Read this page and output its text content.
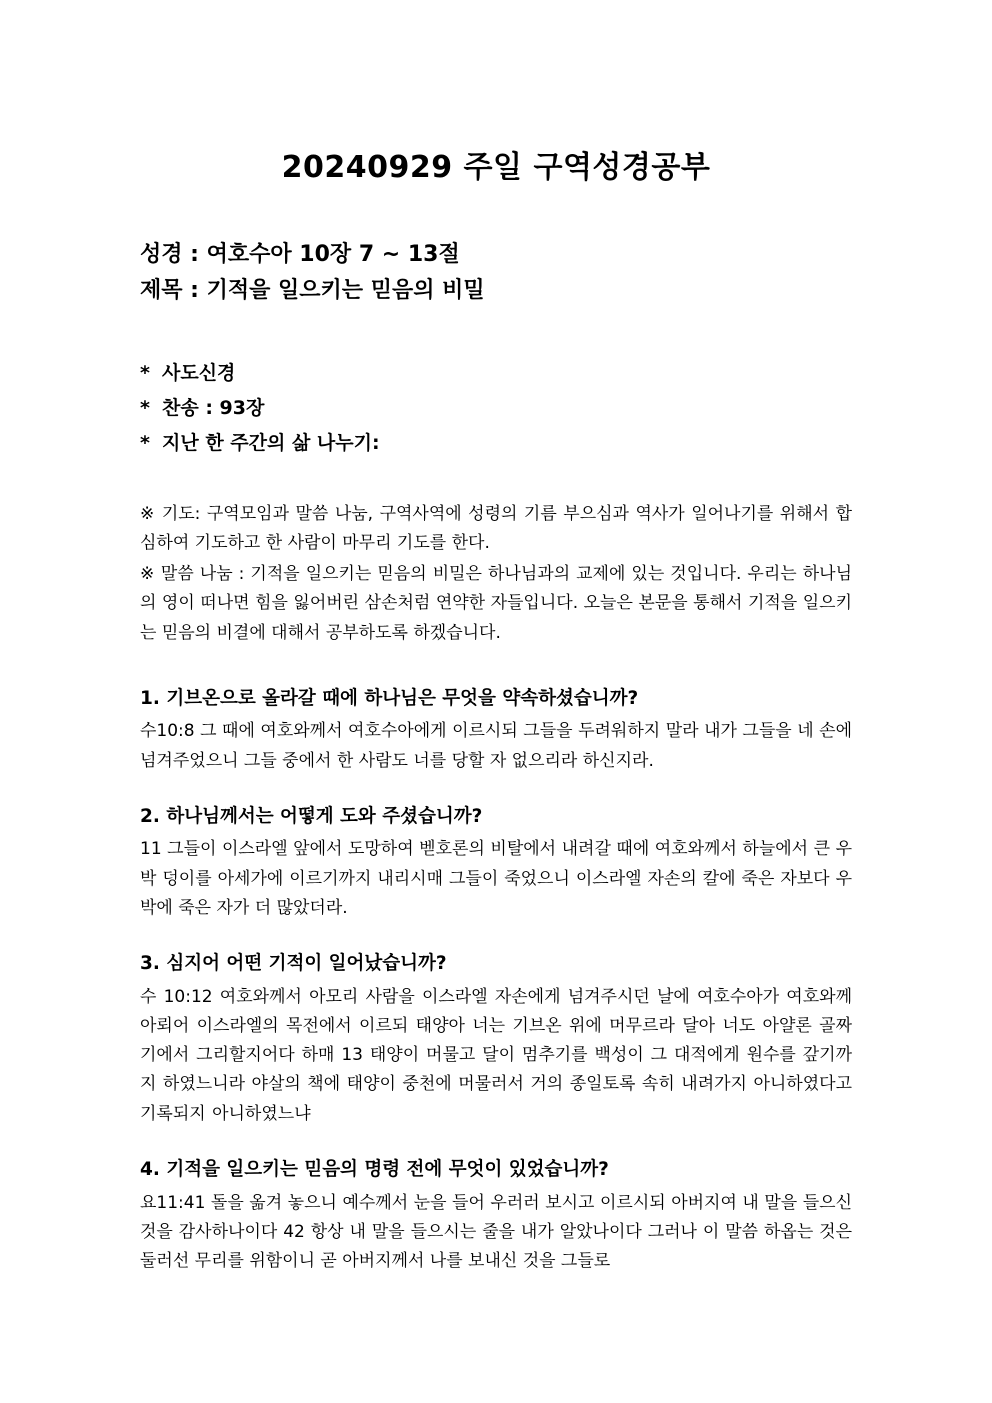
20240929 주일 구역성경공부

성경 : 여호수아 10장 7 ~ 13절

제목 : 기적을 일으키는 믿음의 비밀

* 사도신경

* 찬송 : 93장

* 지난 한 주간의 삶 나누기:

※ 기도: 구역모임과 말씀 나눔, 구역사역에 성령의 기름 부으심과 역사가 일어나기를 위해서 합심하여 기도하고 한 사람이 마무리 기도를 한다.

※ 말씀 나눔 : 기적을 일으키는 믿음의 비밀은 하나님과의 교제에 있는 것입니다. 우리는 하나님의 영이 떠나면 힘을 잃어버린 삼손처럼 연약한 자들입니다. 오늘은 본문을 통해서 기적을 일으키는 믿음의 비결에 대해서 공부하도록 하겠습니다.

1. 기브온으로 올라갈 때에 하나님은 무엇을 약속하셨습니까?

수10:8 그 때에 여호와께서 여호수아에게 이르시되 그들을 두려워하지 말라 내가 그들을 네 손에 넘겨주었으니 그들 중에서 한 사람도 너를 당할 자 없으리라 하신지라.

2. 하나님께서는 어떻게 도와 주셨습니까?

11 그들이 이스라엘 앞에서 도망하여 벧호론의 비탈에서 내려갈 때에 여호와께서 하늘에서 큰 우박 덩이를 아세가에 이르기까지 내리시매 그들이 죽었으니 이스라엘 자손의 칼에 죽은 자보다 우박에 죽은 자가 더 많았더라.

3. 심지어 어떤 기적이 일어났습니까?

수 10:12 여호와께서 아모리 사람을 이스라엘 자손에게 넘겨주시던 날에 여호수아가 여호와께 아뢰어 이스라엘의 목전에서 이르되 태양아 너는 기브온 위에 머무르라 달아 너도 아얄론 골짜기에서 그리할지어다 하매 13 태양이 머물고 달이 멈추기를 백성이 그 대적에게 원수를 갚기까지 하였느니라 야살의 책에 태양이 중천에 머물러서 거의 종일토록 속히 내려가지 아니하였다고 기록되지 아니하였느냐

4. 기적을 일으키는 믿음의 명령 전에 무엇이 있었습니까?

요11:41 돌을 옮겨 놓으니 예수께서 눈을 들어 우러러 보시고 이르시되 아버지여 내 말을 들으신 것을 감사하나이다 42 항상 내 말을 들으시는 줄을 내가 알았나이다 그러나 이 말씀 하옵는 것은 둘러선 무리를 위함이니 곧 아버지께서 나를 보내신 것을 그들로
